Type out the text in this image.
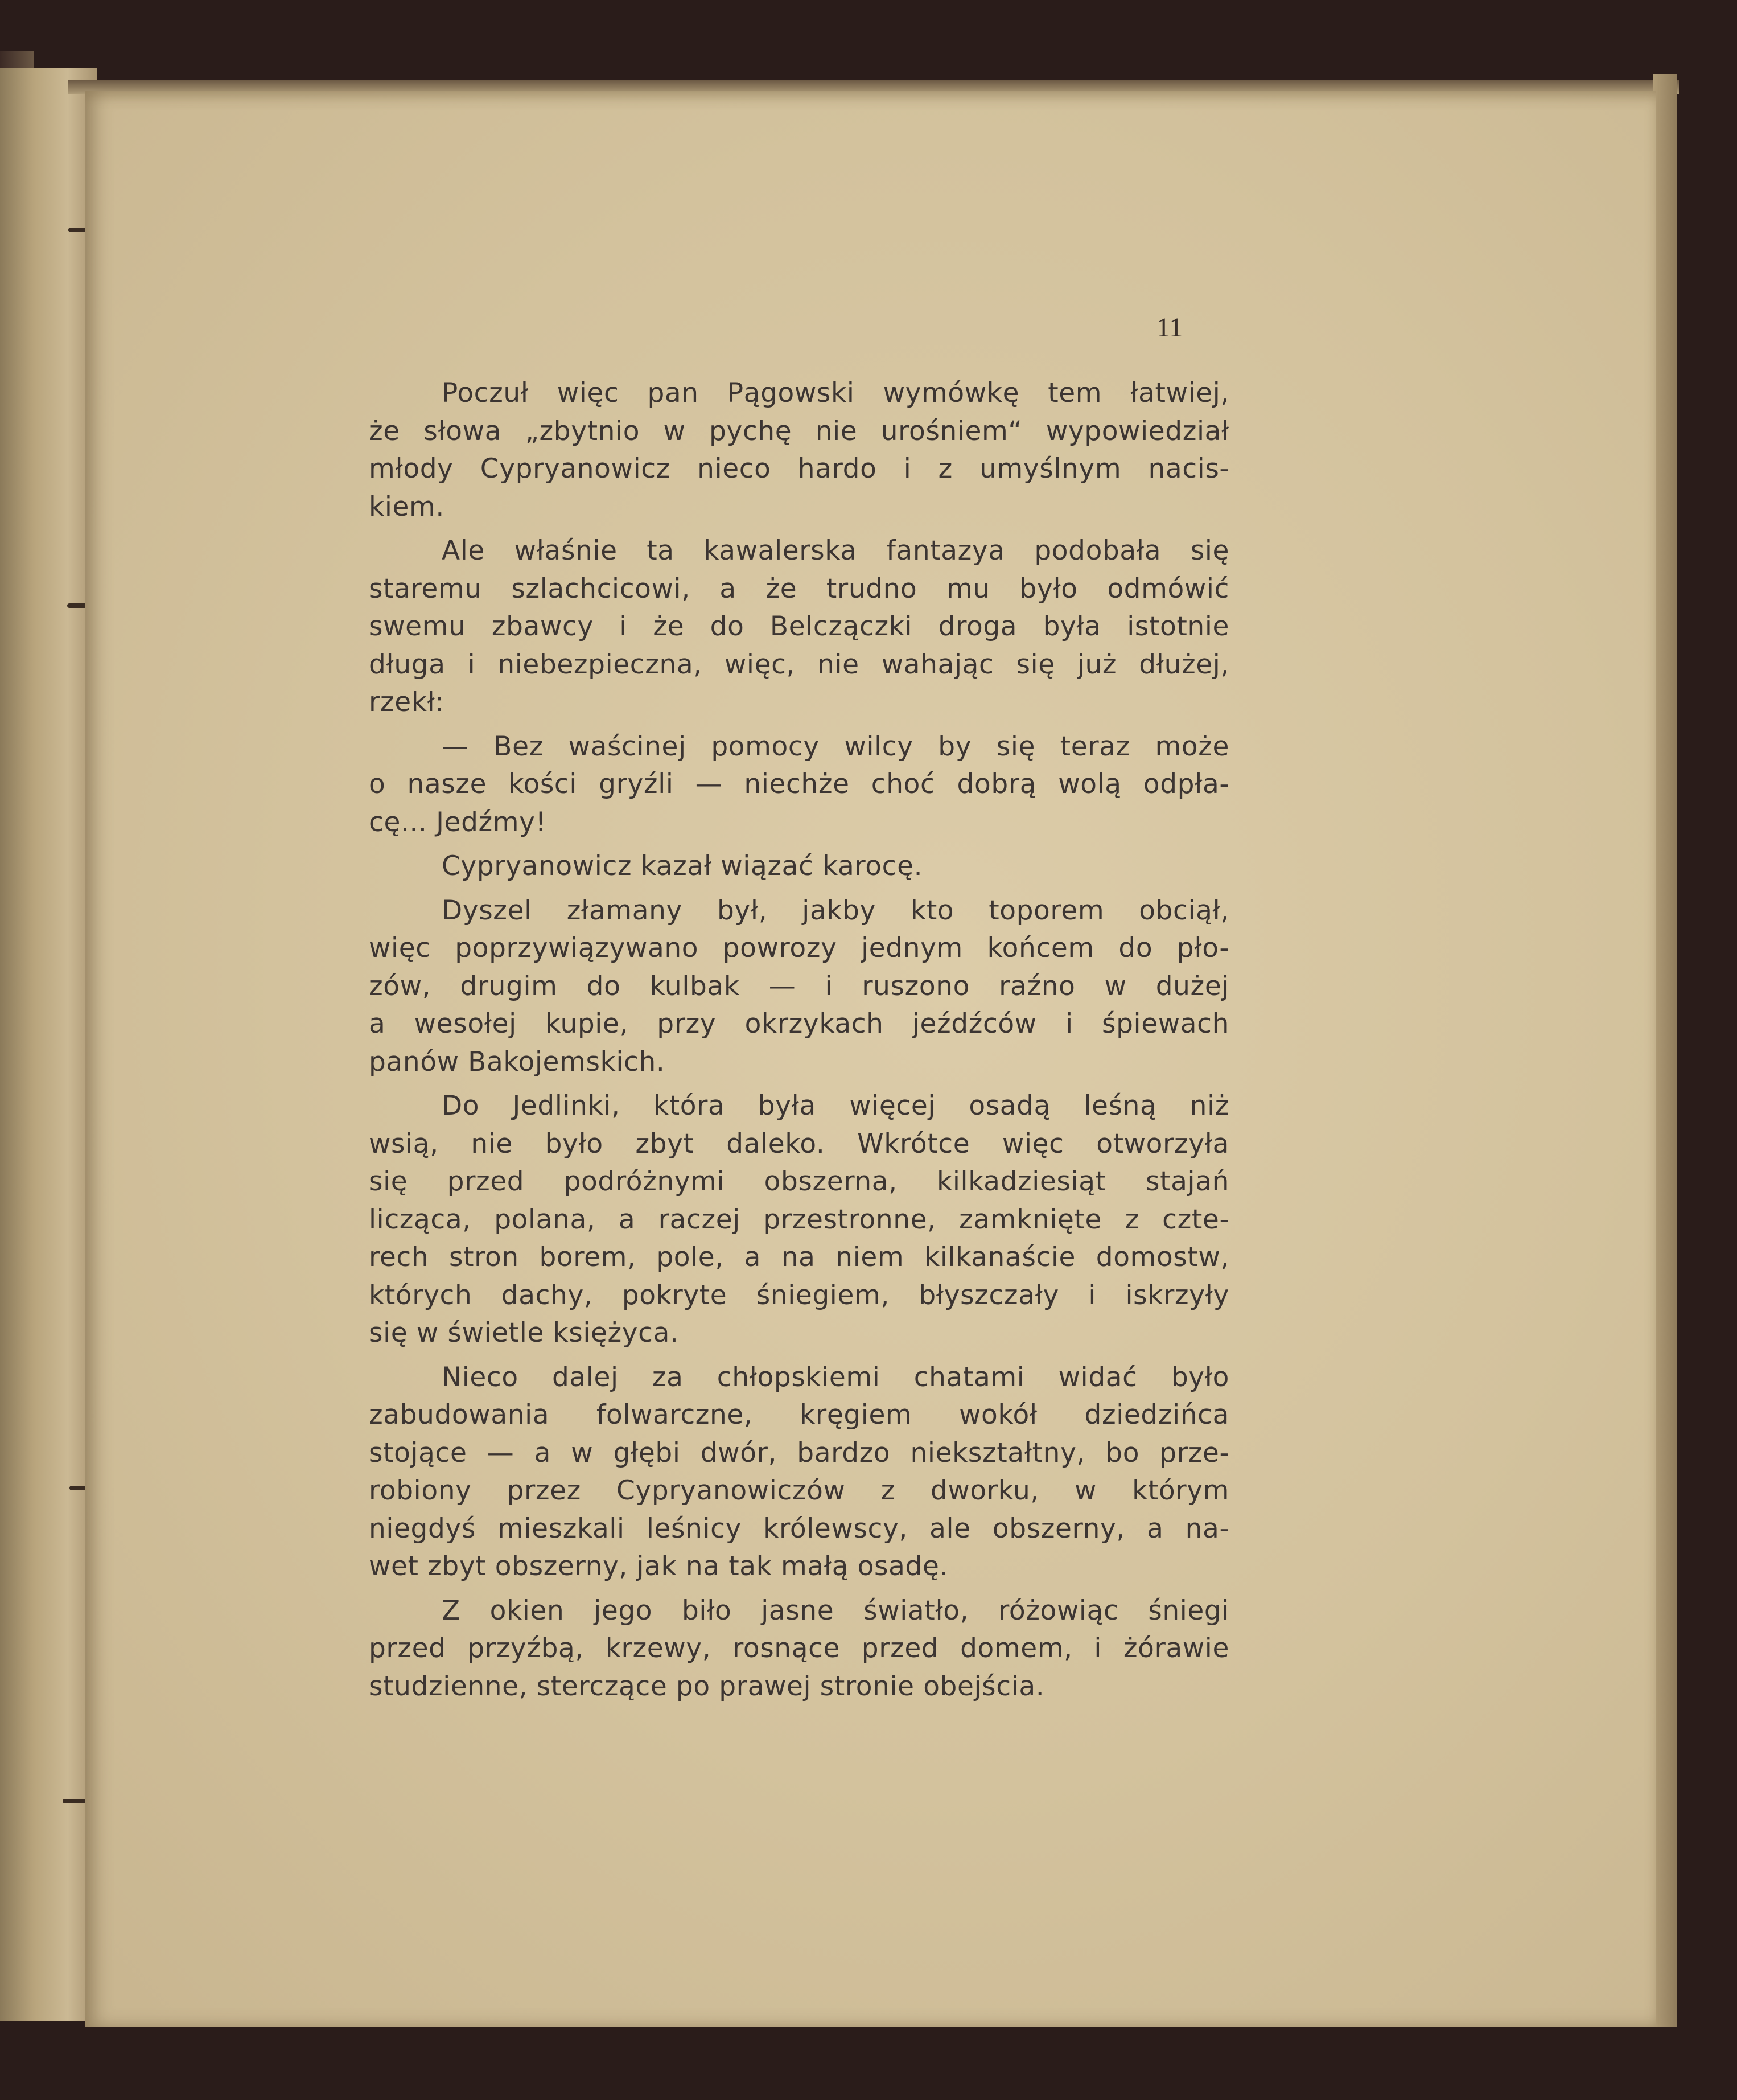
11
Poczuł więc pan Pągowski wymówkę tem łatwiej,
że słowa „zbytnio w pychę nie urośniem“ wypowiedział
młody Cypryanowicz nieco hardo i z umyślnym nacis-
kiem.
Ale właśnie ta kawalerska fantazya podobała się
staremu szlachcicowi, a że trudno mu było odmówić
swemu zbawcy i że do Belczączki droga była istotnie
długa i niebezpieczna, więc, nie wahając się już dłużej,
rzekł:
— Bez waścinej pomocy wilcy by się teraz może
o nasze kości gryźli — niechże choć dobrą wolą odpła-
cę... Jedźmy!
Cypryanowicz kazał wiązać karocę.
Dyszel złamany był, jakby kto toporem obciął,
więc poprzywiązywano powrozy jednym końcem do pło-
zów, drugim do kulbak — i ruszono raźno w dużej
a wesołej kupie, przy okrzykach jeźdźców i śpiewach
panów Bakojemskich.
Do Jedlinki, która była więcej osadą leśną niż
wsią, nie było zbyt daleko. Wkrótce więc otworzyła
się przed podróżnymi obszerna, kilkadziesiąt stajań
licząca, polana, a raczej przestronne, zamknięte z czte-
rech stron borem, pole, a na niem kilkanaście domostw,
których dachy, pokryte śniegiem, błyszczały i iskrzyły
się w świetle księżyca.
Nieco dalej za chłopskiemi chatami widać było
zabudowania folwarczne, kręgiem wokół dziedzińca
stojące — a w głębi dwór, bardzo niekształtny, bo prze-
robiony przez Cypryanowiczów z dworku, w którym
niegdyś mieszkali leśnicy królewscy, ale obszerny, a na-
wet zbyt obszerny, jak na tak małą osadę.
Z okien jego biło jasne światło, różowiąc śniegi
przed przyźbą, krzewy, rosnące przed domem, i żórawie
studzienne, sterczące po prawej stronie obejścia.
